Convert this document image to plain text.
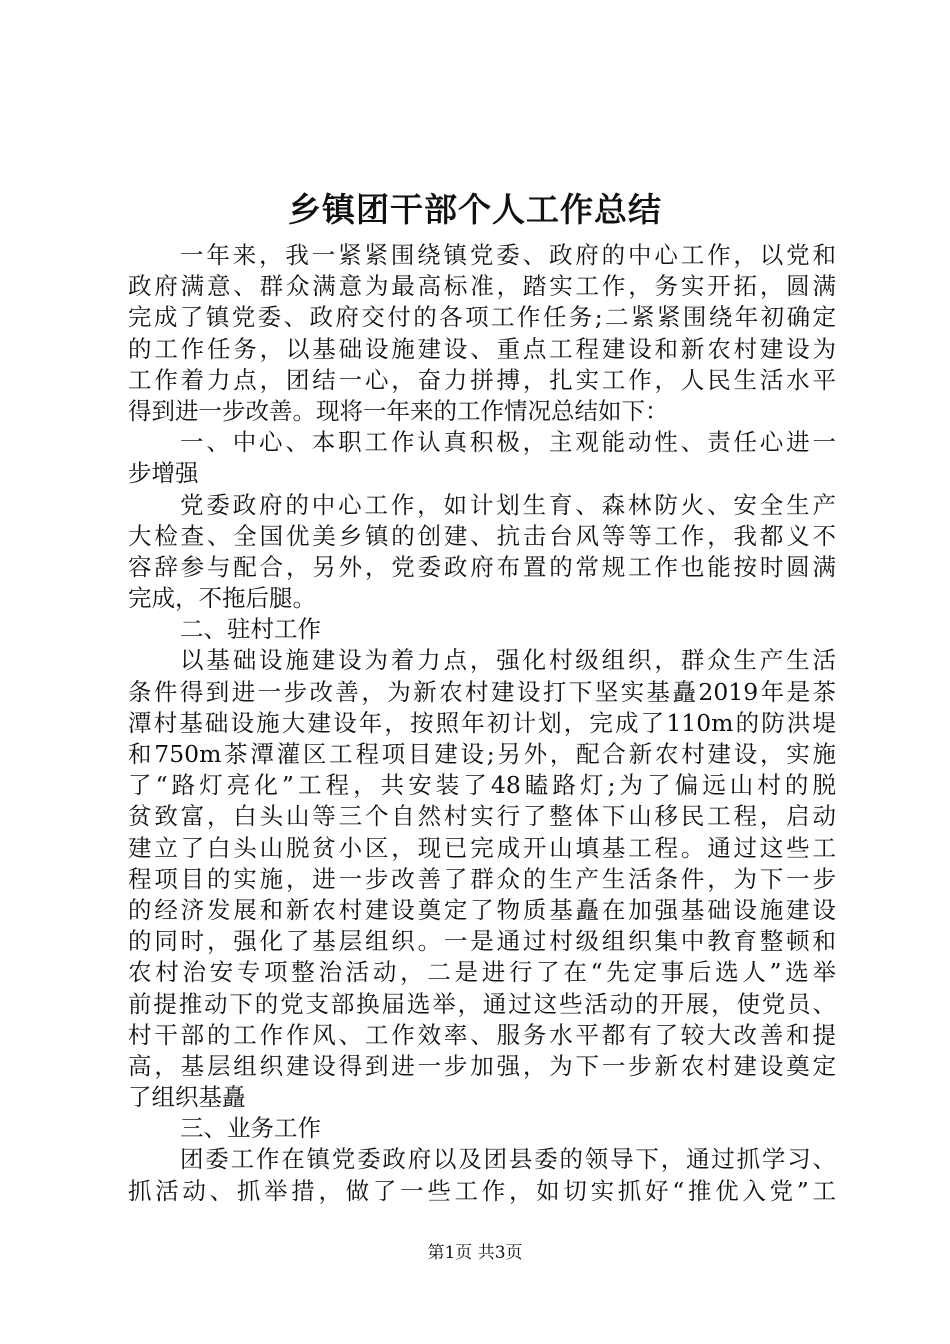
乡镇团干部个人工作总结
一年来，我一紧紧围绕镇党委、政府的中心工作，以党和
政府满意、群众满意为最高标准，踏实工作，务实开拓，圆满
完成了镇党委、政府交付的各项工作任务;二紧紧围绕年初确定
的工作任务，以基础设施建设、重点工程建设和新农村建设为
工作着力点，团结一心，奋力拼搏，扎实工作，人民生活水平
得到进一步改善。现将一年来的工作情况总结如下：
一、中心、本职工作认真积极，主观能动性、责任心进一
步增强
党委政府的中心工作，如计划生育、森林防火、安全生产
大检查、全国优美乡镇的创建、抗击台风等等工作，我都义不
容辞参与配合，另外，党委政府布置的常规工作也能按时圆满
完成，不拖后腿。
二、驻村工作
以基础设施建设为着力点，强化村级组织，群众生产生活
条件得到进一步改善，为新农村建设打下坚实基矗2019年是茶
潭村基础设施大建设年，按照年初计划，完成了110m的防洪堤
和750m茶潭灌区工程项目建设;另外，配合新农村建设，实施
了“路灯亮化”工程，共安装了48瞌路灯;为了偏远山村的脱
贫致富，白头山等三个自然村实行了整体下山移民工程，启动
建立了白头山脱贫小区，现已完成开山填基工程。通过这些工
程项目的实施，进一步改善了群众的生产生活条件，为下一步
的经济发展和新农村建设奠定了物质基矗在加强基础设施建设
的同时，强化了基层组织。一是通过村级组织集中教育整顿和
农村治安专项整治活动，二是进行了在“先定事后选人”选举
前提推动下的党支部换届选举，通过这些活动的开展，使党员、
村干部的工作作风、工作效率、服务水平都有了较大改善和提
高，基层组织建设得到进一步加强，为下一步新农村建设奠定
了组织基矗
三、业务工作
团委工作在镇党委政府以及团县委的领导下，通过抓学习、
抓活动、抓举措，做了一些工作，如切实抓好“推优入党”工
第1页 共3页
